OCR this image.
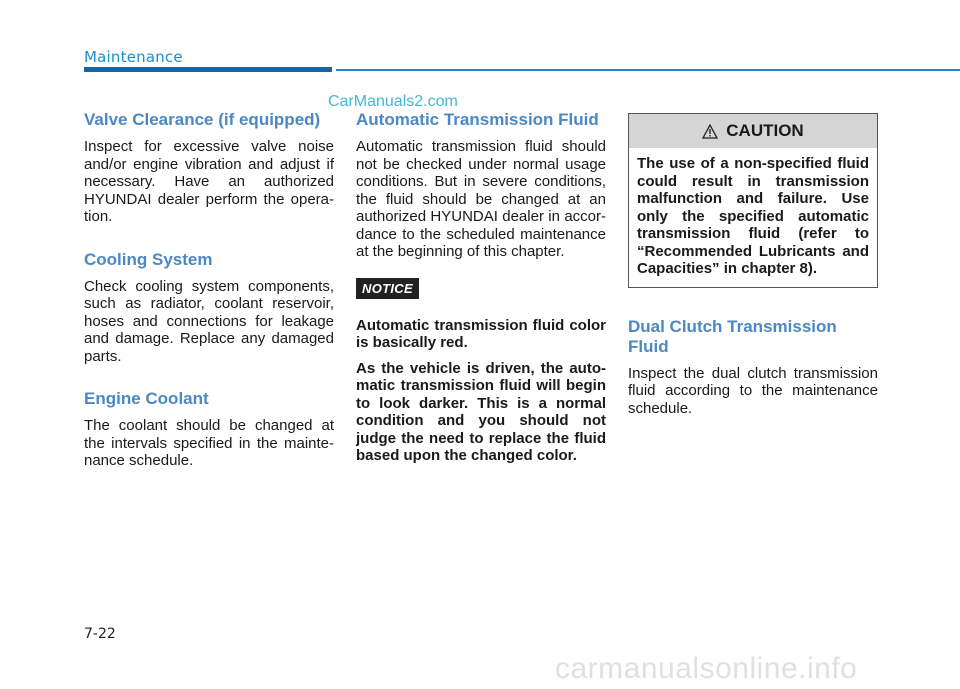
Maintenance
CarManuals2.com
Valve Clearance (if equipped)

Inspect for excessive valve noise and/or engine vibration and adjust if necessary. Have an authorized HYUNDAI dealer perform the opera-tion.

Cooling System

Check cooling system components, such as radiator, coolant reservoir, hoses and connections for leakage and damage. Replace any damaged parts.

Engine Coolant

The coolant should be changed at the intervals specified in the mainte-nance schedule.

Automatic Transmission Fluid

Automatic transmission fluid should not be checked under normal usage conditions. But in severe conditions, the fluid should be changed at an authorized HYUNDAI dealer in accor-dance to the scheduled maintenance at the beginning of this chapter.

NOTICE

Automatic transmission fluid color is basically red.

As the vehicle is driven, the auto-matic transmission fluid will begin to look darker. This is a normal condition and you should not judge the need to replace the fluid based upon the changed color.

CAUTION
The use of a non-specified fluid could result in transmission malfunction and failure. Use only the specified automatic transmission fluid (refer to “Recommended Lubricants and Capacities” in chapter 8).
Dual Clutch Transmission Fluid

Inspect the dual clutch transmission fluid according to the maintenance schedule.

7-22
carmanualsonline.info
